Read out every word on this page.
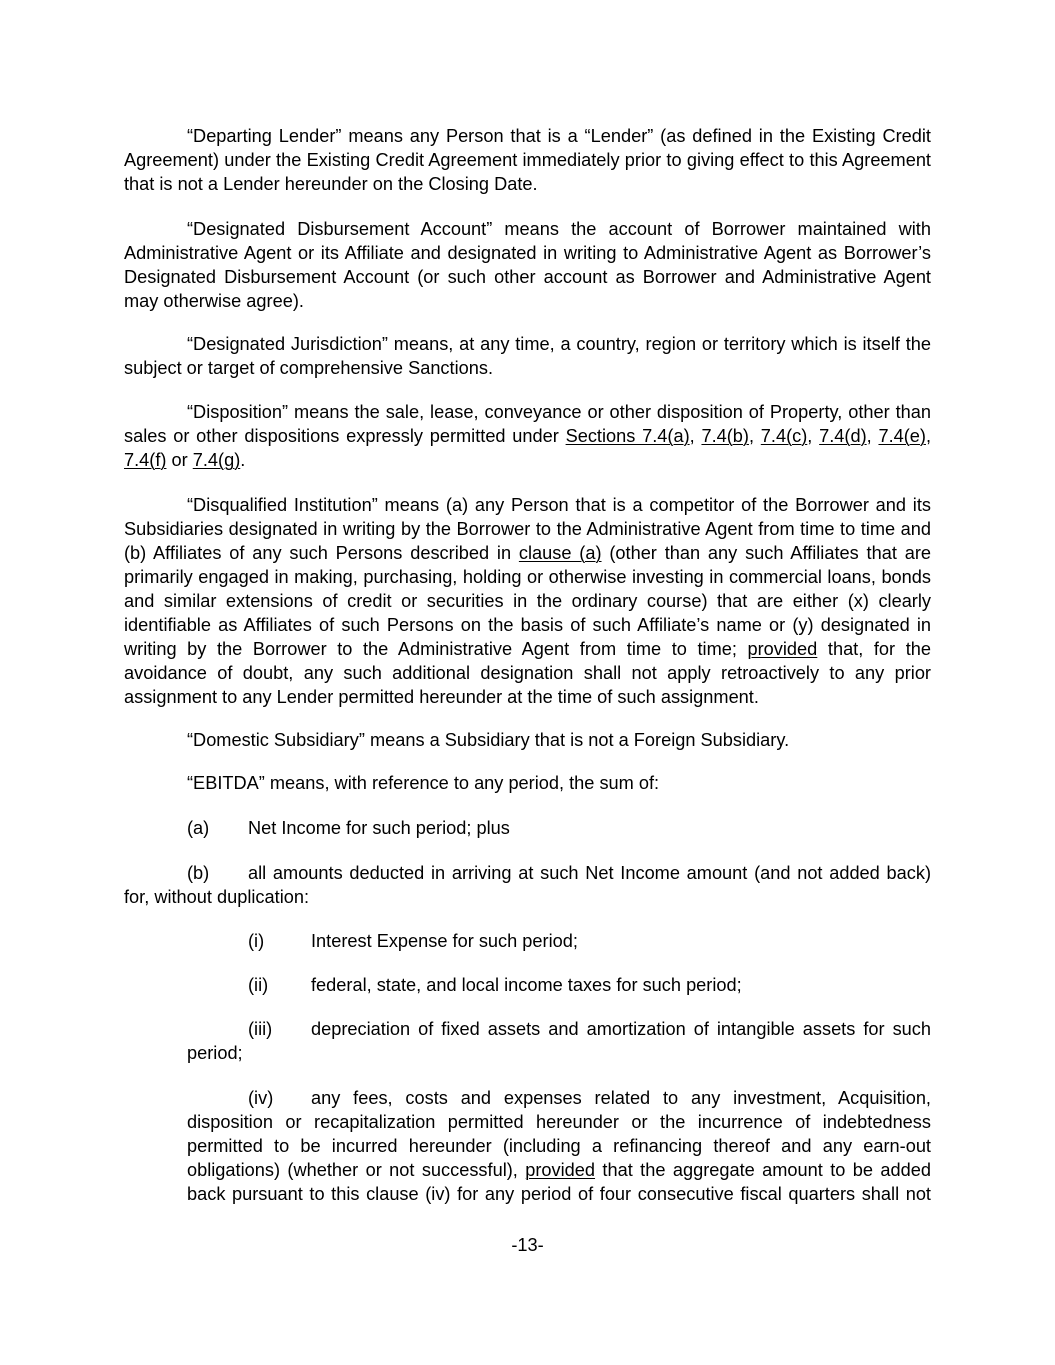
“Departing Lender” means any Person that is a “Lender” (as defined in the Existing Credit Agreement) under the Existing Credit Agreement immediately prior to giving effect to this Agreement that is not a Lender hereunder on the Closing Date.

“Designated Disbursement Account” means the account of Borrower maintained with Administrative Agent or its Affiliate and designated in writing to Administrative Agent as Borrower’s Designated Disbursement Account (or such other account as Borrower and Administrative Agent may otherwise agree).

“Designated Jurisdiction” means, at any time, a country, region or territory which is itself the subject or target of comprehensive Sanctions.

“Disposition” means the sale, lease, conveyance or other disposition of Property, other than sales or other dispositions expressly permitted under Sections 7.4(a), 7.4(b), 7.4(c), 7.4(d), 7.4(e), 7.4(f) or 7.4(g).

“Disqualified Institution” means (a) any Person that is a competitor of the Borrower and its Subsidiaries designated in writing by the Borrower to the Administrative Agent from time to time and (b) Affiliates of any such Persons described in clause (a) (other than any such Affiliates that are primarily engaged in making, purchasing, holding or otherwise investing in commercial loans, bonds and similar extensions of credit or securities in the ordinary course) that are either (x) clearly identifiable as Affiliates of such Persons on the basis of such Affiliate’s name or (y) designated in writing by the Borrower to the Administrative Agent from time to time; provided that, for the avoidance of doubt, any such additional designation shall not apply retroactively to any prior assignment to any Lender permitted hereunder at the time of such assignment.

“Domestic Subsidiary” means a Subsidiary that is not a Foreign Subsidiary.

“EBITDA” means, with reference to any period, the sum of:

(a) Net Income for such period; plus

(b) all amounts deducted in arriving at such Net Income amount (and not added back) for, without duplication:

(i)	Interest Expense for such period;

(ii) federal, state, and local income taxes for such period;

(iii) depreciation of fixed assets and amortization of intangible assets for such period;

(iv) any fees, costs and expenses related to any investment, Acquisition, disposition or recapitalization permitted hereunder or the incurrence of indebtedness permitted to be incurred hereunder (including a refinancing thereof and any earn-out obligations) (whether or not successful), provided that the aggregate amount to be added back pursuant to this clause (iv) for any period of four consecutive fiscal quarters shall not

-13-
